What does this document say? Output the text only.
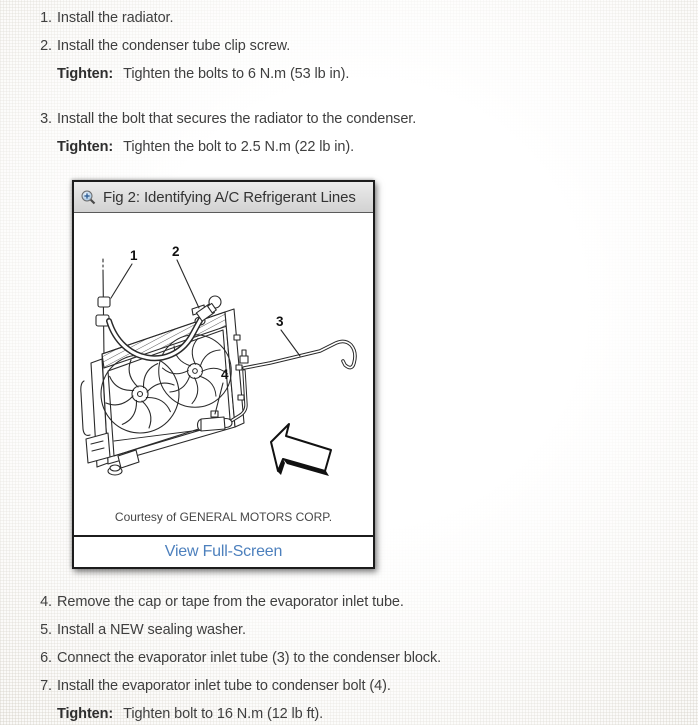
1. Install the radiator.
2. Install the condenser tube clip screw.
Tighten: Tighten the bolts to 6 N.m (53 lb in).
3. Install the bolt that secures the radiator to the condenser.
Tighten: Tighten the bolt to 2.5 N.m (22 lb in).
Fig 2: Identifying A/C Refrigerant Lines
1	2
3
4
Courtesy of GENERAL MOTORS CORP.
View Full-Screen
4. Remove the cap or tape from the evaporator inlet tube.
5. Install a NEW sealing washer.
6. Connect the evaporator inlet tube (3) to the condenser block.
7. Install the evaporator inlet tube to condenser bolt (4).
Tighten: Tighten bolt to 16 N.m (12 lb ft).
